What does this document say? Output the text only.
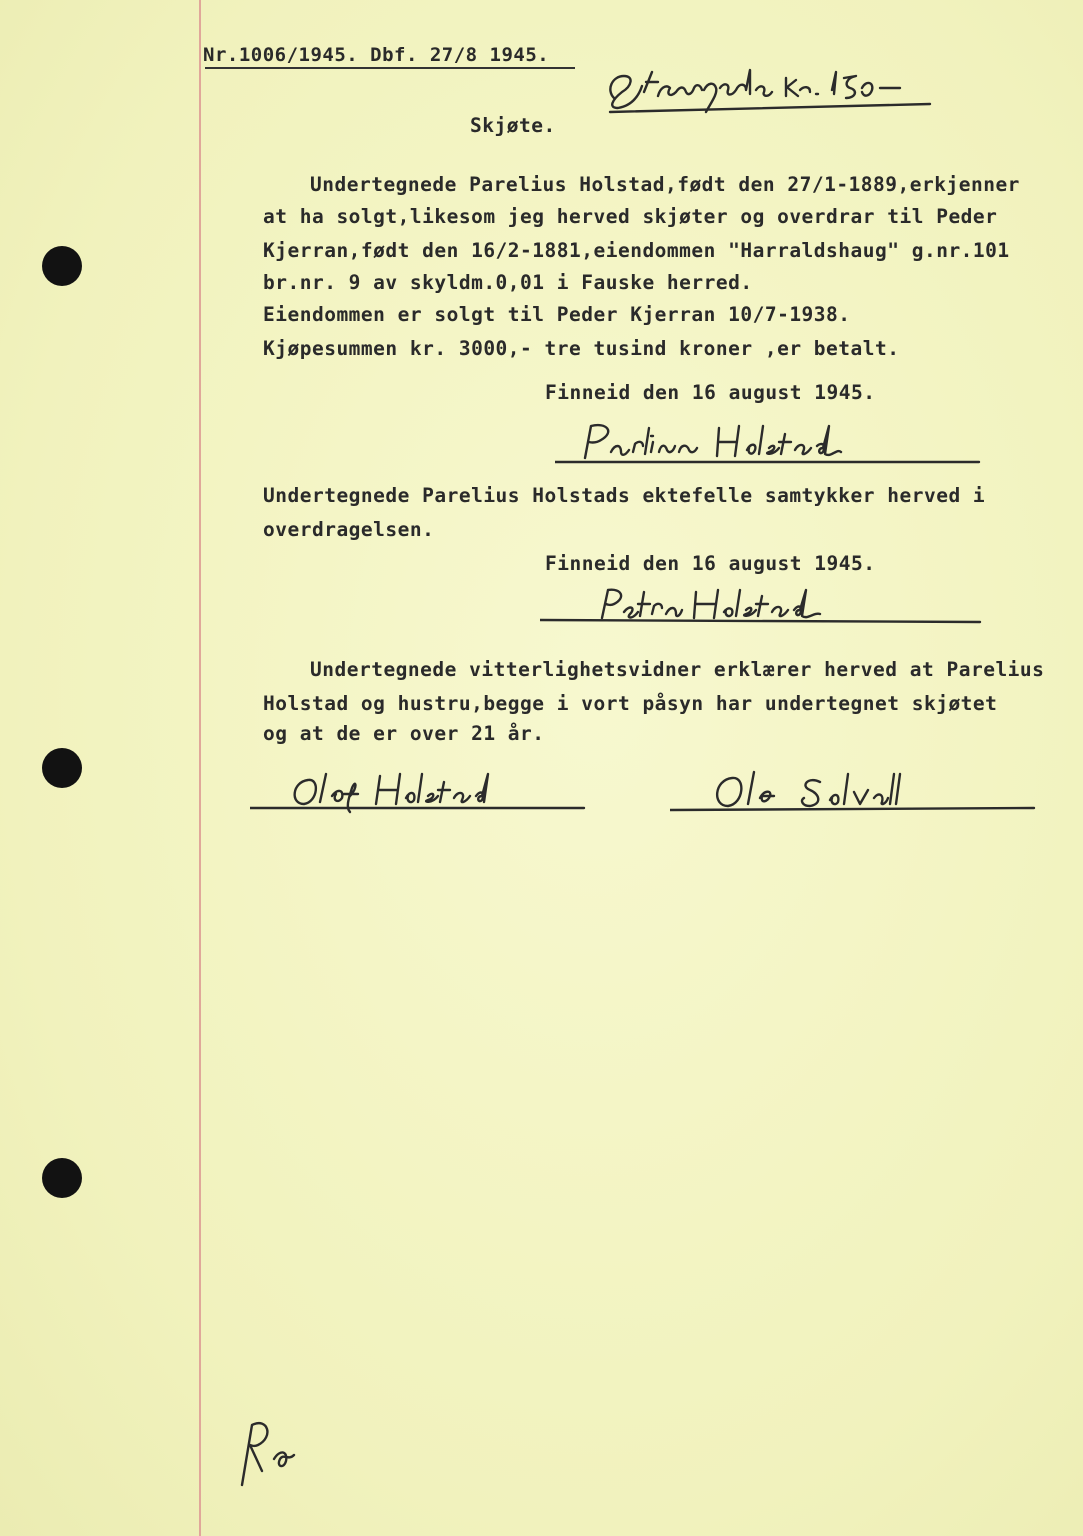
Nr.1006/1945. Dbf. 27/8 1945.
Skjøte.
Undertegnede Parelius Holstad,født den 27/1-1889,erkjenner
at ha solgt,likesom jeg herved skjøter og overdrar til Peder
Kjerran,født den 16/2-1881,eiendommen "Harraldshaug" g.nr.101
br.nr. 9 av skyldm.0,01 i Fauske herred.
Eiendommen er solgt til Peder Kjerran 10/7-1938.
Kjøpesummen kr. 3000,- tre tusind kroner ,er betalt.
Finneid den 16 august 1945.
Undertegnede Parelius Holstads ektefelle samtykker herved i
overdragelsen.
Finneid den 16 august 1945.
Undertegnede vitterlighetsvidner erklærer herved at Parelius
Holstad og hustru,begge i vort påsyn har undertegnet skjøtet
og at de er over 21 år.
